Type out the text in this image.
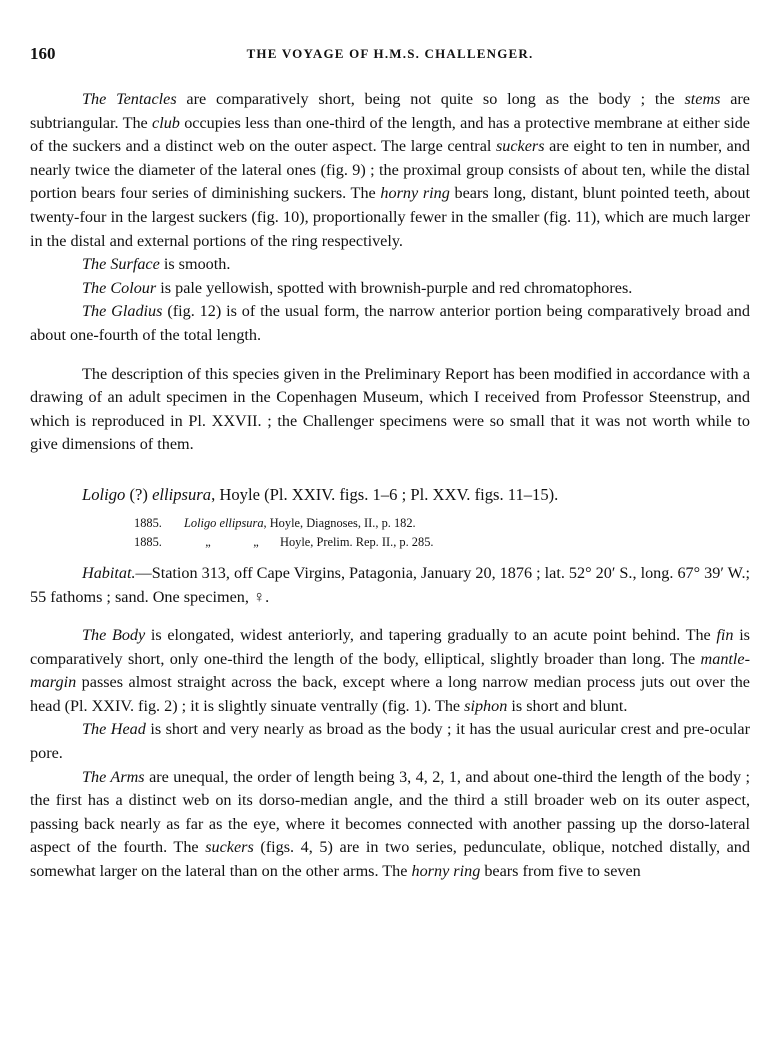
160	THE VOYAGE OF H.M.S. CHALLENGER.

The Tentacles are comparatively short, being not quite so long as the body ; the stems are subtriangular. The club occupies less than one-third of the length, and has a protective membrane at either side of the suckers and a distinct web on the outer aspect. The large central suckers are eight to ten in number, and nearly twice the diameter of the lateral ones (fig. 9) ; the proximal group consists of about ten, while the distal portion bears four series of diminishing suckers. The horny ring bears long, distant, blunt pointed teeth, about twenty-four in the largest suckers (fig. 10), proportionally fewer in the smaller (fig. 11), which are much larger in the distal and external portions of the ring respectively.

The Surface is smooth.

The Colour is pale yellowish, spotted with brownish-purple and red chromatophores.

The Gladius (fig. 12) is of the usual form, the narrow anterior portion being comparatively broad and about one-fourth of the total length.

The description of this species given in the Preliminary Report has been modified in accordance with a drawing of an adult specimen in the Copenhagen Museum, which I received from Professor Steenstrup, and which is reproduced in Pl. XXVII. ; the Challenger specimens were so small that it was not worth while to give dimensions of them.

Loligo (?) ellipsura, Hoyle (Pl. XXIV. figs. 1–6 ; Pl. XXV. figs. 11–15).

1885. Loligo ellipsura, Hoyle, Diagnoses, II., p. 182.
1885.	„	„ Hoyle, Prelim. Rep. II., p. 285.

Habitat.—Station 313, off Cape Virgins, Patagonia, January 20, 1876 ; lat. 52° 20′ S., long. 67° 39′ W.; 55 fathoms ; sand. One specimen, ♀.

The Body is elongated, widest anteriorly, and tapering gradually to an acute point behind. The fin is comparatively short, only one-third the length of the body, elliptical, slightly broader than long. The mantle-margin passes almost straight across the back, except where a long narrow median process juts out over the head (Pl. XXIV. fig. 2) ; it is slightly sinuate ventrally (fig. 1). The siphon is short and blunt.

The Head is short and very nearly as broad as the body ; it has the usual auricular crest and pre-ocular pore.

The Arms are unequal, the order of length being 3, 4, 2, 1, and about one-third the length of the body ; the first has a distinct web on its dorso-median angle, and the third a still broader web on its outer aspect, passing back nearly as far as the eye, where it becomes connected with another passing up the dorso-lateral aspect of the fourth. The suckers (figs. 4, 5) are in two series, pedunculate, oblique, notched distally, and somewhat larger on the lateral than on the other arms. The horny ring bears from five to seven
